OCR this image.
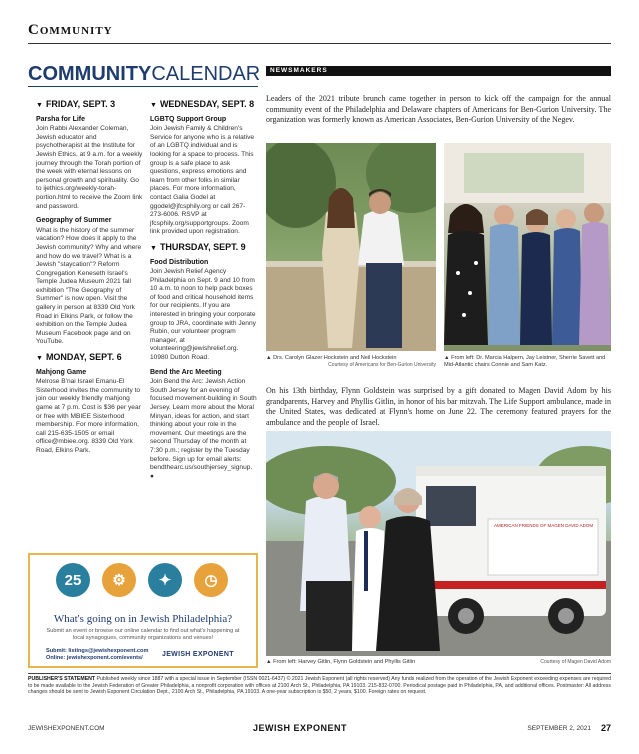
Community
COMMUNITYCALENDAR
▼ FRIDAY, SEPT. 3
Parsha for Life
Join Rabbi Alexander Coleman, Jewish educator and psychotherapist at the Institute for Jewish Ethics, at 9 a.m. for a weekly journey through the Torah portion of the week with eternal lessons on personal growth and spirituality. Go to ijethics.org/weekly-torah-portion.html to receive the Zoom link and password.
Geography of Summer
What is the history of the summer vacation? How does it apply to the Jewish community? Why and where and how do we travel? What is a Jewish "staycation"? Reform Congregation Keneseth Israel's Temple Judea Museum 2021 fall exhibition "The Geography of Summer" is now open. Visit the gallery in person at 8339 Old York Road in Elkins Park, or follow the exhibition on the Temple Judea Museum Facebook page and on YouTube.
▼ MONDAY, SEPT. 6
Mahjong Game
Melrose B'nai Israel Emanu-El Sisterhood invites the community to join our weekly friendly mahjong game at 7 p.m. Cost is $36 per year or free with MBIEE Sisterhood membership. For more information, call 215-635-1505 or email office@mbiee.org. 8339 Old York Road, Elkins Park.
▼ WEDNESDAY, SEPT. 8
LGBTQ Support Group
Join Jewish Family & Children's Service for anyone who is a relative of an LGBTQ individual and is looking for a space to process. This group is a safe place to ask questions, express emotions and learn from other folks in similar places. For more information, contact Galia Godel at ggodel@jfcsphily.org or call 267-273-6006. RSVP at jfcsphily.org/supportgroups. Zoom link provided upon registration.
▼ THURSDAY, SEPT. 9
Food Distribution
Join Jewish Relief Agency Philadelphia on Sept. 9 and 10 from 10 a.m. to noon to help pack boxes of food and critical household items for our recipients. If you are interested in bringing your corporate group to JRA, coordinate with Jenny Rubin, our volunteer program manager, at volunteering@jewishrelief.org. 10980 Dutton Road.
Bend the Arc Meeting
Join Bend the Arc: Jewish Action South Jersey for an evening of focused movement-building in South Jersey. Learn more about the Moral Minyan, ideas for action, and start thinking about your role in the movement. Our meetings are the second Thursday of the month at 7:30 p.m.; register by the Tuesday before. Sign up for email alerts: bendthearc.us/southjersey_signup. ●
25	⚙	✦	◷
What's going on in Jewish Philadelphia?
Submit an event or browse our online calendar to find out what's happening at local synagogues, community organizations and venues!
Submit: listings@jewishexponent.com
Online: jewishexponent.com/events/	JEWISH EXPONENT
NEWSMAKERS
Leaders of the 2021 tribute brunch came together in person to kick off the campaign for the annual community event of the Philadelphia and Delaware chapters of Americans for Ben-Gurion University. The organization was formerly known as American Associates, Ben-Gurion University of the Negev.
▲ Drs. Carolyn Glazer Hockstein and Neil Hockstein
Courtesy of Americans for Ben-Gurion University
▲ From left: Dr. Marcia Halpern, Jay Leistner, Sherrie Savett and Mid-Atlantic chairs Connie and Sam Katz.
On his 13th birthday, Flynn Goldstein was surprised by a gift donated to Magen David Adom by his grandparents, Harvey and Phyllis Gitlin, in honor of his bar mitzvah. The Life Support ambulance, made in the United States, was dedicated at Flynn's home on June 22. The ceremony featured prayers for the ambulance and the people of Israel.
AMERICAN FRIENDS OF MAGEN DAVID ADOM
▲ From left: Harvey Gitlin, Flynn Goldstein and Phyllis Gitlin	Courtesy of Magen David Adom
PUBLISHER'S STATEMENT Published weekly since 1887 with a special issue in September (ISSN 0021-6437) © 2021 Jewish Exponent (all rights reserved) Any funds realized from the operation of the Jewish Exponent exceeding expenses are required to be made available to the Jewish Federation of Greater Philadelphia, a nonprofit corporation with offices at 2100 Arch St., Philadelphia, PA 19103. 215-832-0700. Periodical postage paid in Philadelphia, PA, and additional offices. Postmaster: All address changes should be sent to Jewish Exponent Circulation Dept., 2100 Arch St., Philadelphia, PA 19103. A one-year subscription is $50, 2 years, $100. Foreign rates on request.
JEWISHEXPONENT.COM	JEWISH EXPONENT	SEPTEMBER 2, 2021 27
